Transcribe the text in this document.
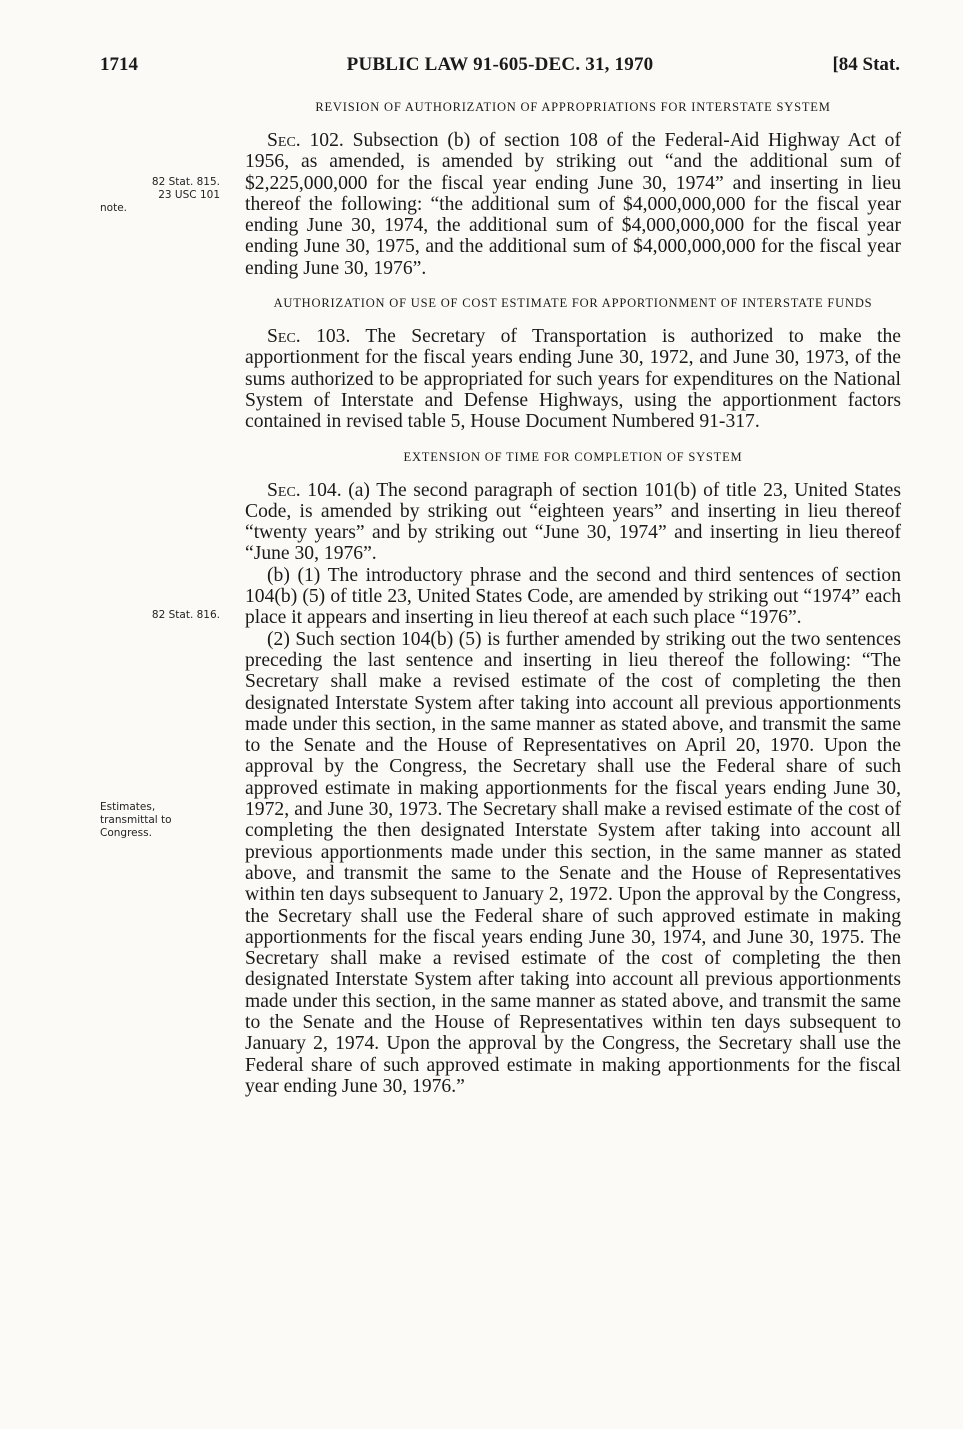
1714	PUBLIC LAW 91-605-DEC. 31, 1970	[84 Stat.
82 Stat. 815.
23 USC 101
note.
82 Stat. 816.
Estimates,
transmittal to
Congress.
REVISION OF AUTHORIZATION OF APPROPRIATIONS FOR INTERSTATE SYSTEM

Sec. 102. Subsection (b) of section 108 of the Federal-Aid Highway Act of 1956, as amended, is amended by striking out “and the additional sum of $2,225,000,000 for the fiscal year ending June 30, 1974” and inserting in lieu thereof the following: “the additional sum of $4,000,000,000 for the fiscal year ending June 30, 1974, the additional sum of $4,000,000,000 for the fiscal year ending June 30, 1975, and the additional sum of $4,000,000,000 for the fiscal year ending June 30, 1976”.

AUTHORIZATION OF USE OF COST ESTIMATE FOR APPORTIONMENT OF INTERSTATE FUNDS

Sec. 103. The Secretary of Transportation is authorized to make the apportionment for the fiscal years ending June 30, 1972, and June 30, 1973, of the sums authorized to be appropriated for such years for expenditures on the National System of Interstate and Defense Highways, using the apportionment factors contained in revised table 5, House Document Numbered 91-317.

EXTENSION OF TIME FOR COMPLETION OF SYSTEM

Sec. 104. (a) The second paragraph of section 101(b) of title 23, United States Code, is amended by striking out “eighteen years” and inserting in lieu thereof “twenty years” and by striking out “June 30, 1974” and inserting in lieu thereof “June 30, 1976”.

(b) (1) The introductory phrase and the second and third sentences of section 104(b) (5) of title 23, United States Code, are amended by striking out “1974” each place it appears and inserting in lieu thereof at each such place “1976”.

(2) Such section 104(b) (5) is further amended by striking out the two sentences preceding the last sentence and inserting in lieu thereof the following: “The Secretary shall make a revised estimate of the cost of completing the then designated Interstate System after taking into account all previous apportionments made under this section, in the same manner as stated above, and transmit the same to the Senate and the House of Representatives on April 20, 1970. Upon the approval by the Congress, the Secretary shall use the Federal share of such approved estimate in making apportionments for the fiscal years ending June 30, 1972, and June 30, 1973. The Secretary shall make a revised estimate of the cost of completing the then designated Interstate System after taking into account all previous apportionments made under this section, in the same manner as stated above, and transmit the same to the Senate and the House of Representatives within ten days subsequent to January 2, 1972. Upon the approval by the Congress, the Secretary shall use the Federal share of such approved estimate in making apportionments for the fiscal years ending June 30, 1974, and June 30, 1975. The Secretary shall make a revised estimate of the cost of completing the then designated Interstate System after taking into account all previous apportionments made under this section, in the same manner as stated above, and transmit the same to the Senate and the House of Representatives within ten days subsequent to January 2, 1974. Upon the approval by the Congress, the Secretary shall use the Federal share of such approved estimate in making apportionments for the fiscal year ending June 30, 1976.”
